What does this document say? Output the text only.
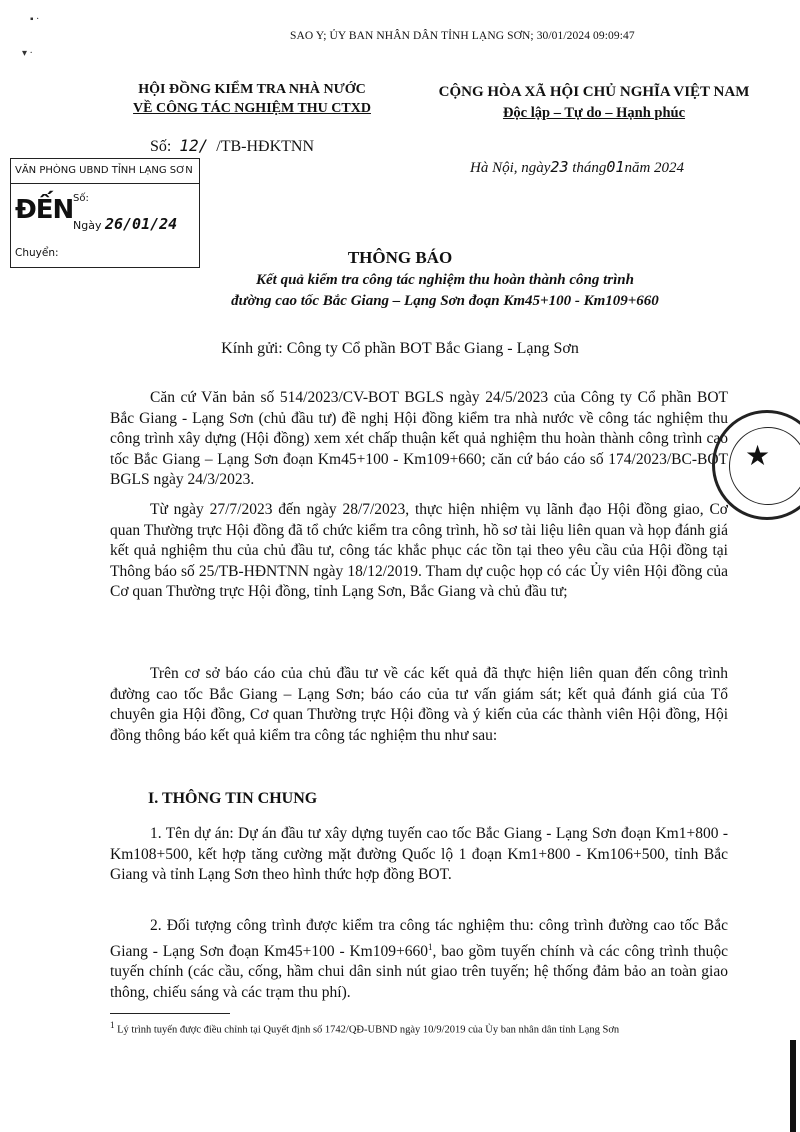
▪ ·
▾ ·
SAO Y; ỦY BAN NHÂN DÂN TỈNH LẠNG SƠN; 30/01/2024 09:09:47
HỘI ĐỒNG KIỂM TRA NHÀ NƯỚC
VỀ CÔNG TÁC NGHIỆM THU CTXD
CỘNG HÒA XÃ HỘI CHỦ NGHĨA VIỆT NAM
Độc lập – Tự do – Hạnh phúc
Số: 12/ /TB-HĐKTNN
Hà Nội, ngày23 tháng01năm 2024
VĂN PHÒNG UBND TỈNH LẠNG SƠN
ĐẾN Số:
Ngày 26/01/24
Chuyển:	THÔNG BÁO
Kết quả kiểm tra công tác nghiệm thu hoàn thành công trình
đường cao tốc Bắc Giang – Lạng Sơn đoạn Km45+100 - Km109+660
Kính gửi: Công ty Cổ phần BOT Bắc Giang - Lạng Sơn
Căn cứ Văn bản số 514/2023/CV-BOT BGLS ngày 24/5/2023 của Công ty Cổ phần BOT Bắc Giang - Lạng Sơn (chủ đầu tư) đề nghị Hội đồng kiểm tra nhà nước về công tác nghiệm thu công trình xây dựng (Hội đồng) xem xét chấp thuận kết quả nghiệm thu hoàn thành công trình cao tốc Bắc Giang – Lạng Sơn đoạn Km45+100 - Km109+660; căn cứ báo cáo số 174/2023/BC-BOT BGLS ngày 24/3/2023.
Từ ngày 27/7/2023 đến ngày 28/7/2023, thực hiện nhiệm vụ lãnh đạo Hội đồng giao, Cơ quan Thường trực Hội đồng đã tổ chức kiểm tra công trình, hồ sơ tài liệu liên quan và họp đánh giá kết quả nghiệm thu của chủ đầu tư, công tác khắc phục các tồn tại theo yêu cầu của Hội đồng tại Thông báo số 25/TB-HĐNTNN ngày 18/12/2019. Tham dự cuộc họp có các Ủy viên Hội đồng của Cơ quan Thường trực Hội đồng, tỉnh Lạng Sơn, Bắc Giang và chủ đầu tư;
Trên cơ sở báo cáo của chủ đầu tư về các kết quả đã thực hiện liên quan đến công trình đường cao tốc Bắc Giang – Lạng Sơn; báo cáo của tư vấn giám sát; kết quả đánh giá của Tổ chuyên gia Hội đồng, Cơ quan Thường trực Hội đồng và ý kiến của các thành viên Hội đồng, Hội đồng thông báo kết quả kiểm tra công tác nghiệm thu như sau:
I. THÔNG TIN CHUNG
1. Tên dự án: Dự án đầu tư xây dựng tuyến cao tốc Bắc Giang - Lạng Sơn đoạn Km1+800 - Km108+500, kết hợp tăng cường mặt đường Quốc lộ 1 đoạn Km1+800 - Km106+500, tỉnh Bắc Giang và tỉnh Lạng Sơn theo hình thức hợp đồng BOT.
2. Đối tượng công trình được kiểm tra công tác nghiệm thu: công trình đường cao tốc Bắc Giang - Lạng Sơn đoạn $Km45+100 - Km109+660^1$, bao gồm tuyến chính và các công trình thuộc tuyến chính (các cầu, cống, hầm chui dân sinh nút giao trên tuyến; hệ thống đảm bảo an toàn giao thông, chiếu sáng và các trạm thu phí).
$^1$ Lý trình tuyến được điều chỉnh tại Quyết định số 1742/QĐ-UBND ngày 10/9/2019 của Ủy ban nhân dân tỉnh Lạng Sơn
★
